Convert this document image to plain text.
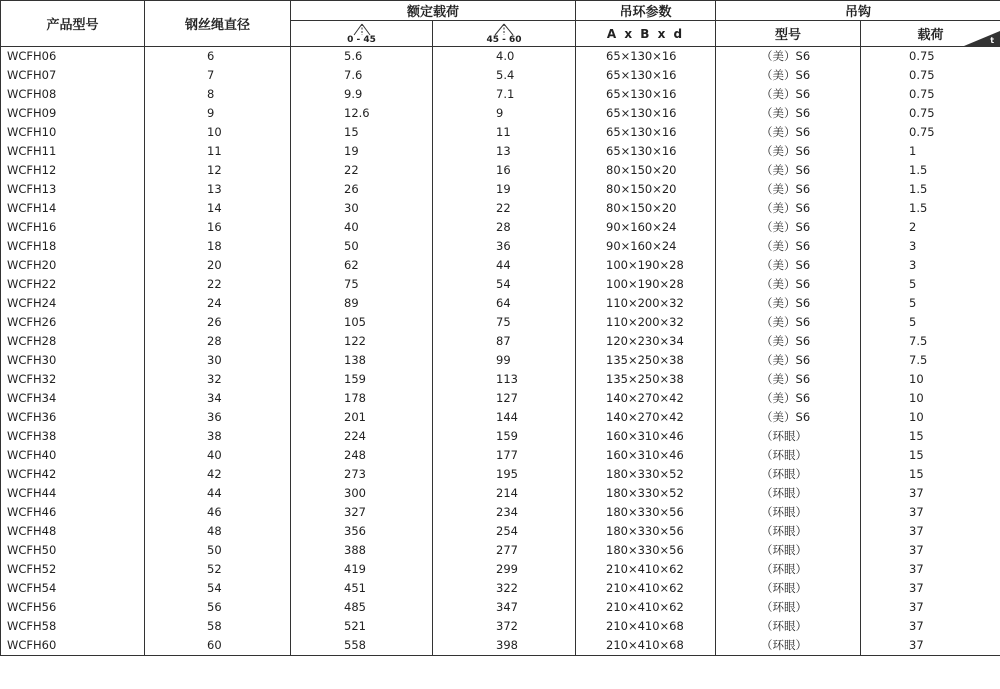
产品型号	钢丝绳直径	额定载荷		吊环参数	吊钩	

		0 - 45	45 - 60	A x B x d	型号	载荷 t

WCFH06	6	5.6	4.0	65×130×16	（美）S6	0.75
WCFH07	7	7.6	5.4	65×130×16	（美）S6	0.75
WCFH08	8	9.9	7.1	65×130×16	（美）S6	0.75
WCFH09	9	12.6	9	65×130×16	（美）S6	0.75
WCFH10	10	15	11	65×130×16	（美）S6	0.75
WCFH11	11	19	13	65×130×16	（美）S6	1
WCFH12	12	22	16	80×150×20	（美）S6	1.5
WCFH13	13	26	19	80×150×20	（美）S6	1.5
WCFH14	14	30	22	80×150×20	（美）S6	1.5
WCFH16	16	40	28	90×160×24	（美）S6	2
WCFH18	18	50	36	90×160×24	（美）S6	3
WCFH20	20	62	44	100×190×28	（美）S6	3
WCFH22	22	75	54	100×190×28	（美）S6	5
WCFH24	24	89	64	110×200×32	（美）S6	5
WCFH26	26	105	75	110×200×32	（美）S6	5
WCFH28	28	122	87	120×230×34	（美）S6	7.5
WCFH30	30	138	99	135×250×38	（美）S6	7.5
WCFH32	32	159	113	135×250×38	（美）S6	10
WCFH34	34	178	127	140×270×42	（美）S6	10
WCFH36	36	201	144	140×270×42	（美）S6	10
WCFH38	38	224	159	160×310×46	（环眼）	15
WCFH40	40	248	177	160×310×46	（环眼）	15
WCFH42	42	273	195	180×330×52	（环眼）	15
WCFH44	44	300	214	180×330×52	（环眼）	37
WCFH46	46	327	234	180×330×56	（环眼）	37
WCFH48	48	356	254	180×330×56	（环眼）	37
WCFH50	50	388	277	180×330×56	（环眼）	37
WCFH52	52	419	299	210×410×62	（环眼）	37
WCFH54	54	451	322	210×410×62	（环眼）	37
WCFH56	56	485	347	210×410×62	（环眼）	37
WCFH58	58	521	372	210×410×68	（环眼）	37
WCFH60	60	558	398	210×410×68	（环眼）	37
